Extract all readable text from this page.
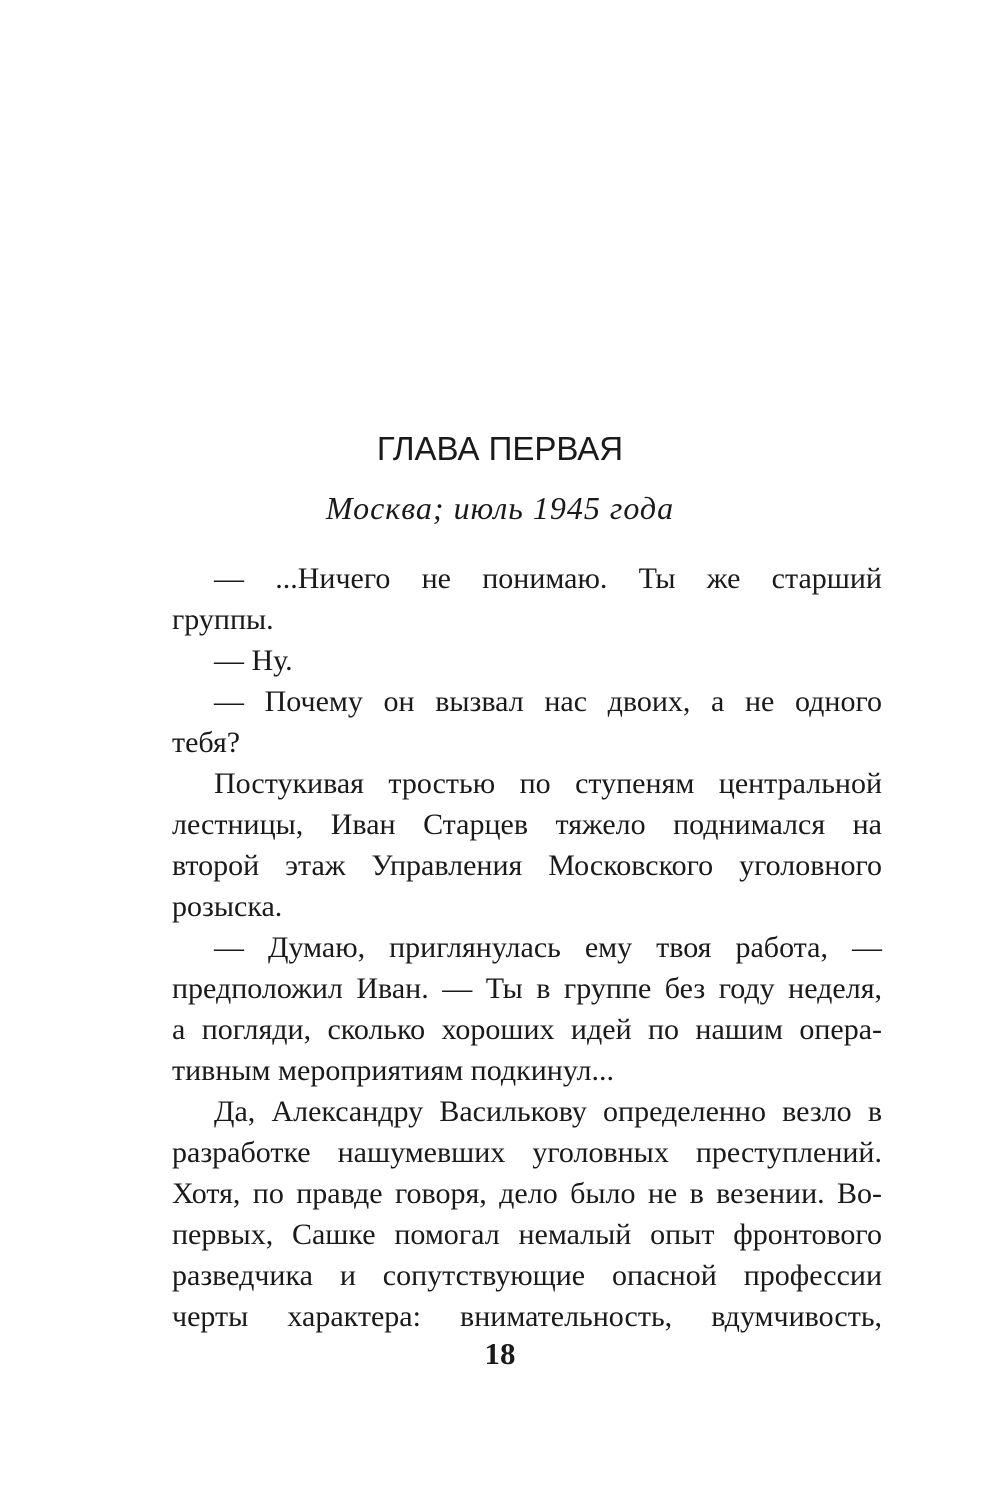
ГЛАВА ПЕРВАЯ
Москва; июль 1945 года
— ...Ничего не понимаю. Ты же старший
группы.
— Ну.
— Почему он вызвал нас двоих, а не одного
тебя?
Постукивая тростью по ступеням центральной
лестницы, Иван Старцев тяжело поднимался на
второй этаж Управления Московского уголовного
розыска.
— Думаю, приглянулась ему твоя работа, —
предположил Иван. — Ты в группе без году неделя,
а погляди, сколько хороших идей по нашим опера-
тивным мероприятиям подкинул...
Да, Александру Василькову определенно везло в
разработке нашумевших уголовных преступлений.
Хотя, по правде говоря, дело было не в везении. Во-
первых, Сашке помогал немалый опыт фронтового
разведчика и сопутствующие опасной профессии
черты характера: внимательность, вдумчивость,
18
